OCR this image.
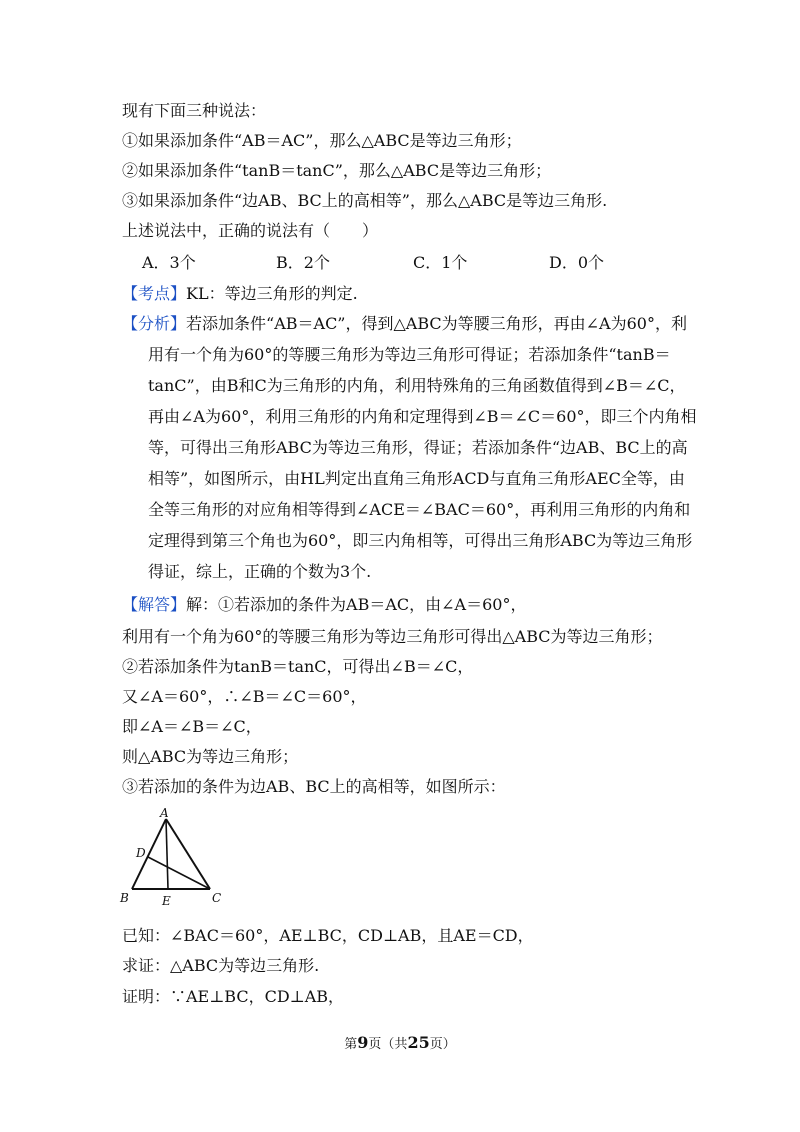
现有下面三种说法：
①如果添加条件“AB＝AC”，那么△ABC是等边三角形；
②如果添加条件“tanB＝tanC”，那么△ABC是等边三角形；
③如果添加条件“边AB、BC上的高相等”，那么△ABC是等边三角形.
上述说法中，正确的说法有（　　）
A．3个	B．2个	C．1个	D．0个
【考点】KL：等边三角形的判定.
【分析】若添加条件“AB＝AC”，得到△ABC为等腰三角形，再由∠A为60°，利
用有一个角为60°的等腰三角形为等边三角形可得证；若添加条件“tanB＝
tanC”，由B和C为三角形的内角，利用特殊角的三角函数值得到∠B＝∠C，
再由∠A为60°，利用三角形的内角和定理得到∠B＝∠C＝60°，即三个内角相
等，可得出三角形ABC为等边三角形，得证；若添加条件“边AB、BC上的高
相等”，如图所示，由HL判定出直角三角形ACD与直角三角形AEC全等，由
全等三角形的对应角相等得到∠ACE＝∠BAC＝60°，再利用三角形的内角和
定理得到第三个角也为60°，即三内角相等，可得出三角形ABC为等边三角形
得证，综上，正确的个数为3个.
【解答】解：①若添加的条件为AB＝AC，由∠A＝60°，
利用有一个角为60°的等腰三角形为等边三角形可得出△ABC为等边三角形；
②若添加条件为tanB＝tanC，可得出∠B＝∠C，
又∠A＝60°，∴∠B＝∠C＝60°，
即∠A＝∠B＝∠C，
则△ABC为等边三角形；
③若添加的条件为边AB、BC上的高相等，如图所示：
A
B	C
D
E
已知：∠BAC＝60°，AE⊥BC，CD⊥AB，且AE＝CD，
求证：△ABC为等边三角形.
证明：∵AE⊥BC，CD⊥AB，
第9页（共25页）
